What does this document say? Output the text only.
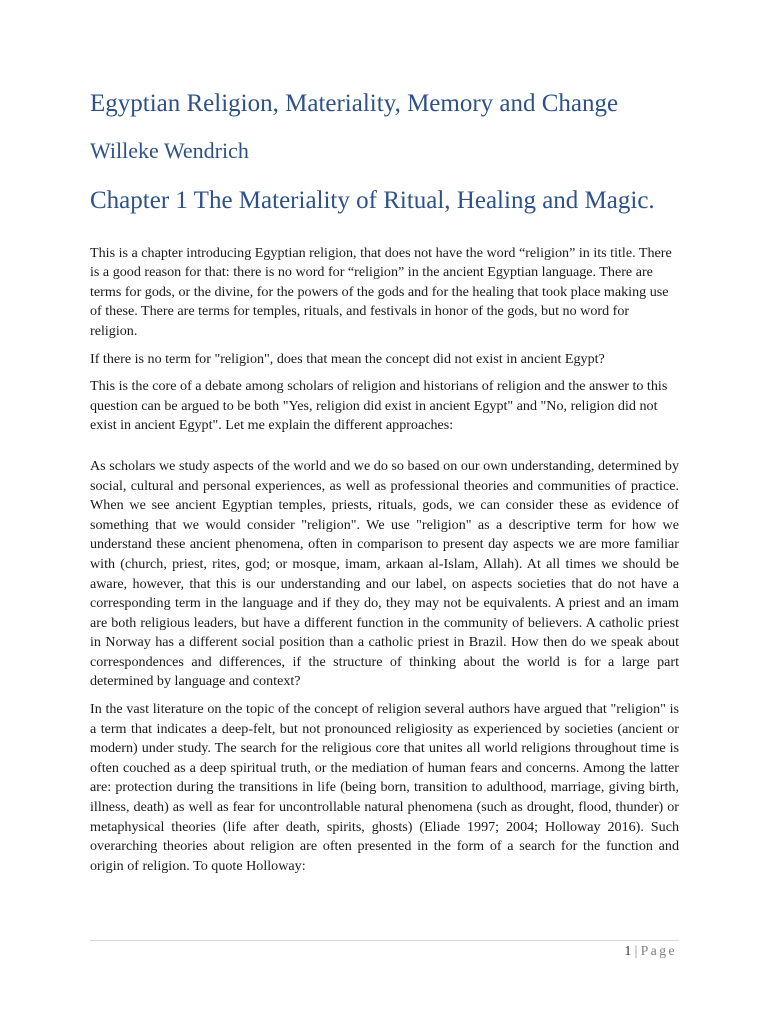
Egyptian Religion, Materiality, Memory and Change
Willeke Wendrich
Chapter 1 The Materiality of Ritual, Healing and Magic.

This is a chapter introducing Egyptian religion, that does not have the word “religion” in its title. There is a good reason for that: there is no word for “religion” in the ancient Egyptian language. There are terms for gods, or the divine, for the powers of the gods and for the healing that took place making use of these. There are terms for temples, rituals, and festivals in honor of the gods, but no word for religion.

If there is no term for "religion", does that mean the concept did not exist in ancient Egypt?

This is the core of a debate among scholars of religion and historians of religion and the answer to this question can be argued to be both "Yes, religion did exist in ancient Egypt" and "No, religion did not exist in ancient Egypt". Let me explain the different approaches:

As scholars we study aspects of the world and we do so based on our own understanding, determined by social, cultural and personal experiences, as well as professional theories and communities of practice. When we see ancient Egyptian temples, priests, rituals, gods, we can consider these as evidence of something that we would consider "religion". We use "religion" as a descriptive term for how we understand these ancient phenomena, often in comparison to present day aspects we are more familiar with (church, priest, rites, god; or mosque, imam, arkaan al-Islam, Allah). At all times we should be aware, however, that this is our understanding and our label, on aspects societies that do not have a corresponding term in the language and if they do, they may not be equivalents. A priest and an imam are both religious leaders, but have a different function in the community of believers. A catholic priest in Norway has a different social position than a catholic priest in Brazil. How then do we speak about correspondences and differences, if the structure of thinking about the world is for a large part determined by language and context?

In the vast literature on the topic of the concept of religion several authors have argued that "religion" is a term that indicates a deep-felt, but not pronounced religiosity as experienced by societies (ancient or modern) under study. The search for the religious core that unites all world religions throughout time is often couched as a deep spiritual truth, or the mediation of human fears and concerns. Among the latter are: protection during the transitions in life (being born, transition to adulthood, marriage, giving birth, illness, death) as well as fear for uncontrollable natural phenomena (such as drought, flood, thunder) or metaphysical theories (life after death, spirits, ghosts) (Eliade 1997; 2004; Holloway 2016). Such overarching theories about religion are often presented in the form of a search for the function and origin of religion. To quote Holloway:

1 | Page
